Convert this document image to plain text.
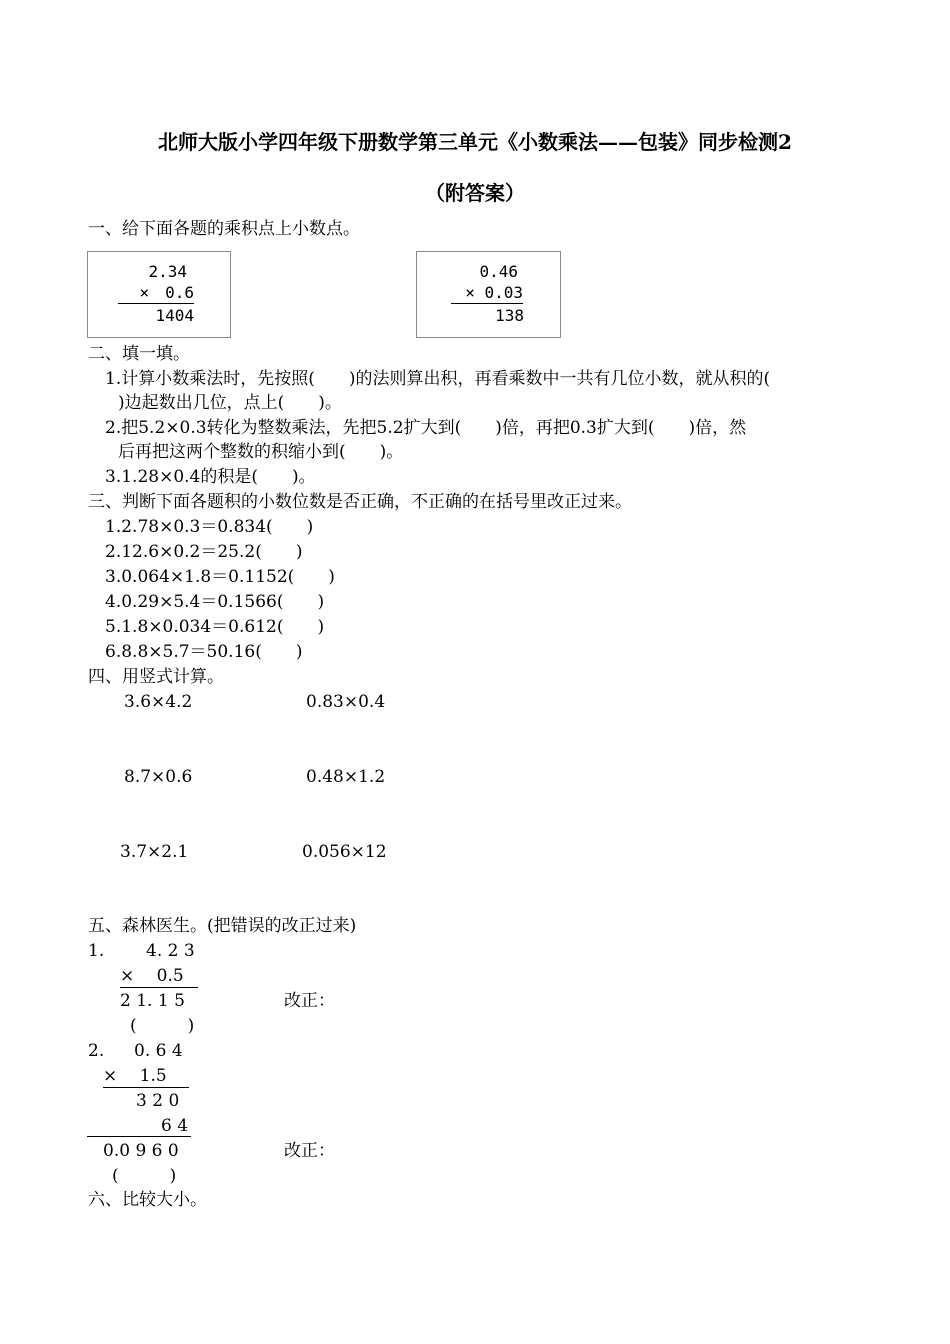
北师大版小学四年级下册数学第三单元《小数乘法——包装》同步检测2
（附答案）
一、给下面各题的乘积点上小数点。
2.34
×　0.6
1404
0.46
× 0.03
138
二、填一填。
1.计算小数乘法时，先按照(　　)的法则算出积，再看乘数中一共有几位小数，就从积的(
)边起数出几位，点上(　　)。
2.把5.2×0.3转化为整数乘法，先把5.2扩大到(　　)倍，再把0.3扩大到(　　)倍，然
后再把这两个整数的积缩小到(　　)。
3.1.28×0.4的积是(　　)。
三、判断下面各题积的小数位数是否正确，不正确的在括号里改正过来。
1.2.78×0.3＝0.834(　　)
2.12.6×0.2＝25.2(　　)
3.0.064×1.8＝0.1152(　　)
4.0.29×5.4＝0.1566(　　)
5.1.8×0.034＝0.612(　　)
6.8.8×5.7＝50.16(　　)
四、用竖式计算。
3.6×4.2	0.83×0.4
8.7×0.6	0.48×1.2
3.7×2.1	0.056×12
五、森林医生。(把错误的改正过来)
1. 4. 2 3
×　 0.5
2 1. 1 5	改正：
(　　　)
2. 0. 6 4
×　 1.5
3 2 0
6 4
0.0 9 6 0	改正：
(　　　)
六、比较大小。
